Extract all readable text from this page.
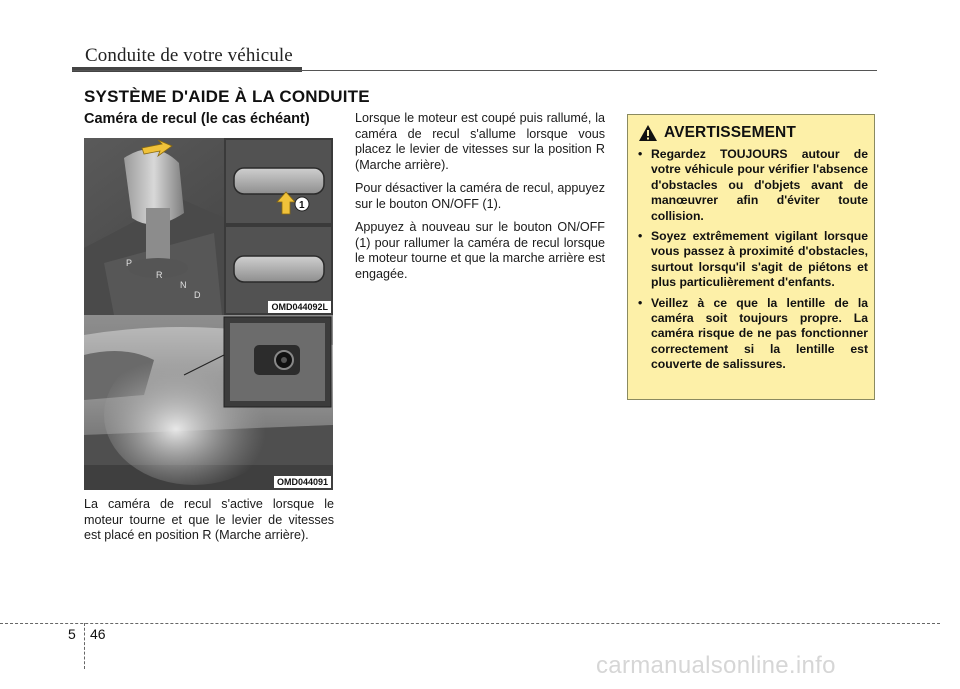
Conduite de votre véhicule
SYSTÈME D'AIDE À LA CONDUITE
Caméra de recul (le cas échéant)
P
R
N
D
1
OMD044092L
OMD044091

La caméra de recul s'active lorsque le moteur tourne et que le levier de vitesses est placé en position R (Marche arrière).

Lorsque le moteur est coupé puis rallumé, la caméra de recul s'allume lorsque vous placez le levier de vitesses sur la position R (Marche arrière).

Pour désactiver la caméra de recul, appuyez sur le bouton ON/OFF (1).

Appuyez à nouveau sur le bouton ON/OFF (1) pour rallumer la caméra de recul lorsque le moteur tourne et que la marche arrière est engagée.

AVERTISSEMENT
• Regardez TOUJOURS autour de votre véhicule pour vérifier l'absence d'obstacles ou d'objets avant de manœuvrer afin d'éviter toute collision.
• Soyez extrêmement vigilant lorsque vous passez à proximité d'obstacles, surtout lorsqu'il s'agit de piétons et plus particulièrement d'enfants.
• Veillez à ce que la lentille de la caméra soit toujours propre. La caméra risque de ne pas fonctionner correctement si la lentille est couverte de salissures.
5 46
carmanualsonline.info
